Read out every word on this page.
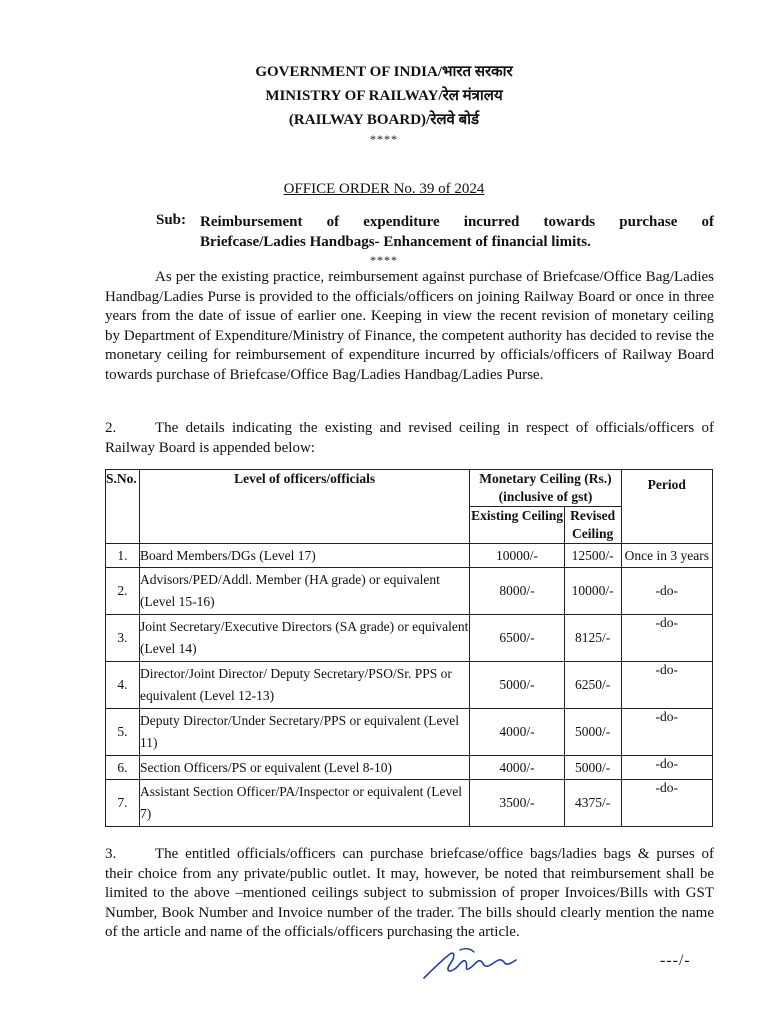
GOVERNMENT OF INDIA/भारत सरकार
MINISTRY OF RAILWAY/रेल मंत्रालय
(RAILWAY BOARD)/रेलवे बोर्ड
****
OFFICE ORDER No. 39 of 2024
Sub: Reimbursement of expenditure incurred towards purchase of
Briefcase/Ladies Handbags- Enhancement of financial limits.
****
As per the existing practice, reimbursement against purchase of Briefcase/Office Bag/Ladies Handbag/Ladies Purse is provided to the officials/officers on joining Railway Board or once in three years from the date of issue of earlier one. Keeping in view the recent revision of monetary ceiling by Department of Expenditure/Ministry of Finance, the competent authority has decided to revise the monetary ceiling for reimbursement of expenditure incurred by officials/officers of Railway Board towards purchase of Briefcase/Office Bag/Ladies Handbag/Ladies Purse.
2.	The details indicating the existing and revised ceiling in respect of officials/officers of Railway Board is appended below:
S.No.	Level of officers/officials	Monetary Ceiling (Rs.) (inclusive of gst)		Period
		Existing Ceiling	Revised Ceiling	
1.	Board Members/DGs (Level 17)	10000/-	12500/-	Once in 3 years
2.	Advisors/PED/Addl. Member (HA grade) or equivalent (Level 15-16)	8000/-	10000/-	-do-
3.	Joint Secretary/Executive Directors (SA grade) or equivalent (Level 14)	6500/-	8125/-	-do-
4.	Director/Joint Director/ Deputy Secretary/PSO/Sr. PPS or equivalent (Level 12-13)	5000/-	6250/-	-do-
5.	Deputy Director/Under Secretary/PPS or equivalent (Level 11)	4000/-	5000/-	-do-
6.	Section Officers/PS or equivalent (Level 8-10)	4000/-	5000/-	-do-
7.	Assistant Section Officer/PA/Inspector or equivalent (Level 7)	3500/-	4375/-	-do-
3.	The entitled officials/officers can purchase briefcase/office bags/ladies bags & purses of their choice from any private/public outlet. It may, however, be noted that reimbursement shall be limited to the above –mentioned ceilings subject to submission of proper Invoices/Bills with GST Number, Book Number and Invoice number of the trader. The bills should clearly mention the name of the article and name of the officials/officers purchasing the article.
---/-
